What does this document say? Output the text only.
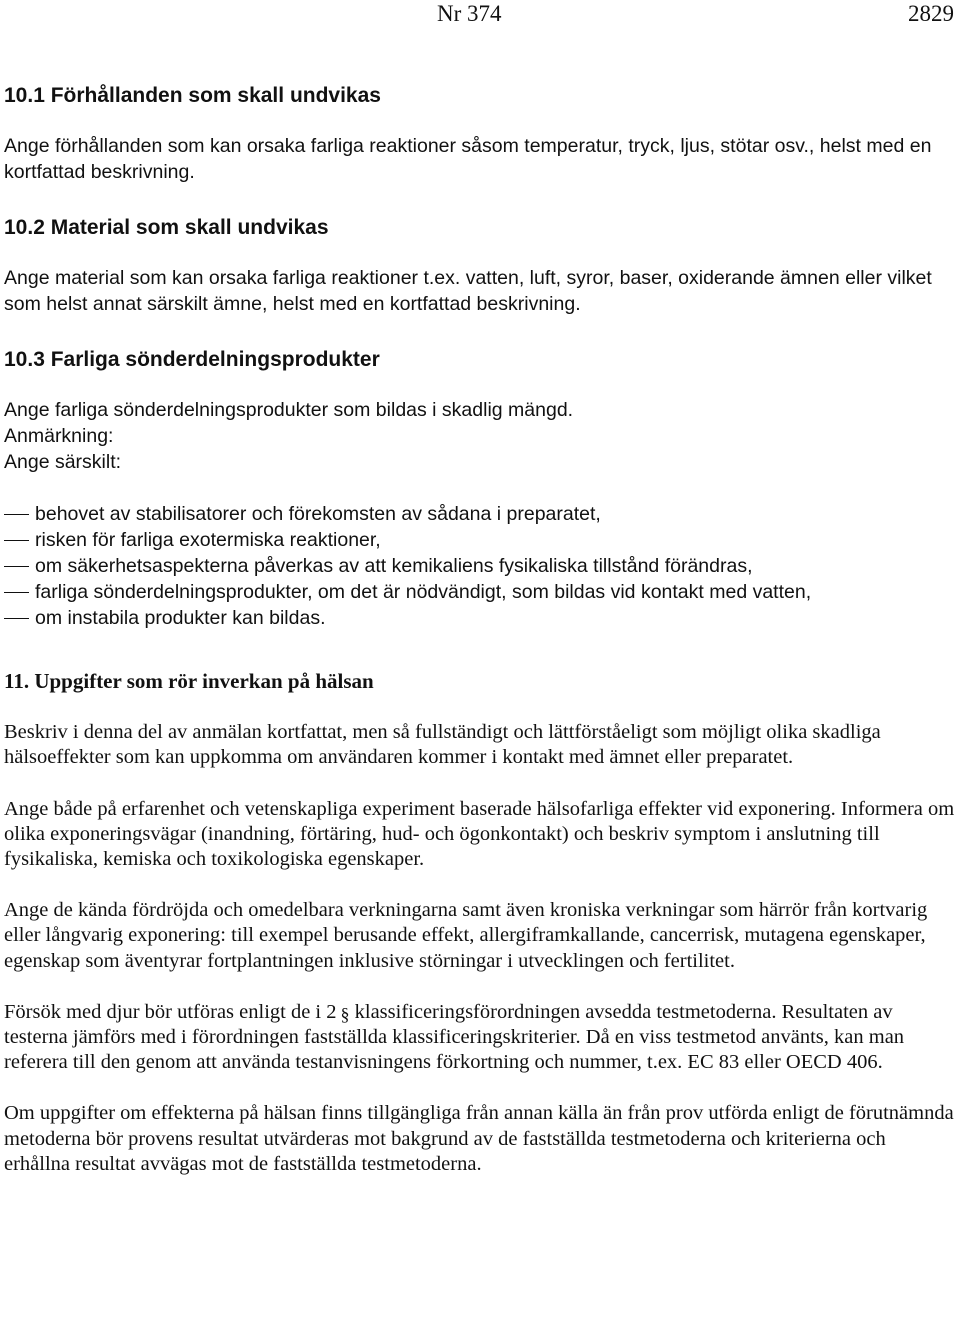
Nr 374	2829
10.1 Förhållanden som skall undvikas

Ange förhållanden som kan orsaka farliga reaktioner såsom temperatur, tryck, ljus, stötar osv., helst med en kortfattad beskrivning.

10.2 Material som skall undvikas

Ange material som kan orsaka farliga reaktioner t.ex. vatten, luft, syror, baser, oxiderande ämnen eller vilket som helst annat särskilt ämne, helst med en kortfattad beskrivning.

10.3 Farliga sönderdelningsprodukter

Ange farliga sönderdelningsprodukter som bildas i skadlig mängd.

Anmärkning:

Ange särskilt:

behovet av stabilisatorer och förekomsten av sådana i preparatet,
risken för farliga exotermiska reaktioner,
om säkerhetsaspekterna påverkas av att kemikaliens fysikaliska tillstånd förändras,
farliga sönderdelningsprodukter, om det är nödvändigt, som bildas vid kontakt med vatten,
om instabila produkter kan bildas.
11. Uppgifter som rör inverkan på hälsan

Beskriv i denna del av anmälan kortfattat, men så fullständigt och lättförståeligt som möjligt olika skadliga hälsoeffekter som kan uppkomma om användaren kommer i kontakt med ämnet eller preparatet.

Ange både på erfarenhet och vetenskapliga experiment baserade hälsofarliga effekter vid exponering. Informera om olika exponeringsvägar (inandning, förtäring, hud- och ögonkontakt) och beskriv symptom i anslutning till fysikaliska, kemiska och toxikologiska egenskaper.

Ange de kända fördröjda och omedelbara verkningarna samt även kroniska verkningar som härrör från kortvarig eller långvarig exponering: till exempel berusande effekt, allergiframkallande, cancerrisk, mutagena egenskaper, egenskap som äventyrar fortplantningen inklusive störningar i utvecklingen och fertilitet.

Försök med djur bör utföras enligt de i 2 § klassificeringsförordningen avsedda testmetoderna. Resultaten av testerna jämförs med i förordningen fastställda klassificeringskriterier. Då en viss testmetod använts, kan man referera till den genom att använda testanvisningens förkortning och nummer, t.ex. EC 83 eller OECD 406.

Om uppgifter om effekterna på hälsan finns tillgängliga från annan källa än från prov utförda enligt de förutnämnda metoderna bör provens resultat utvärderas mot bakgrund av de fastställda testmetoderna och kriterierna och erhållna resultat avvägas mot de fastställda testmetoderna.
